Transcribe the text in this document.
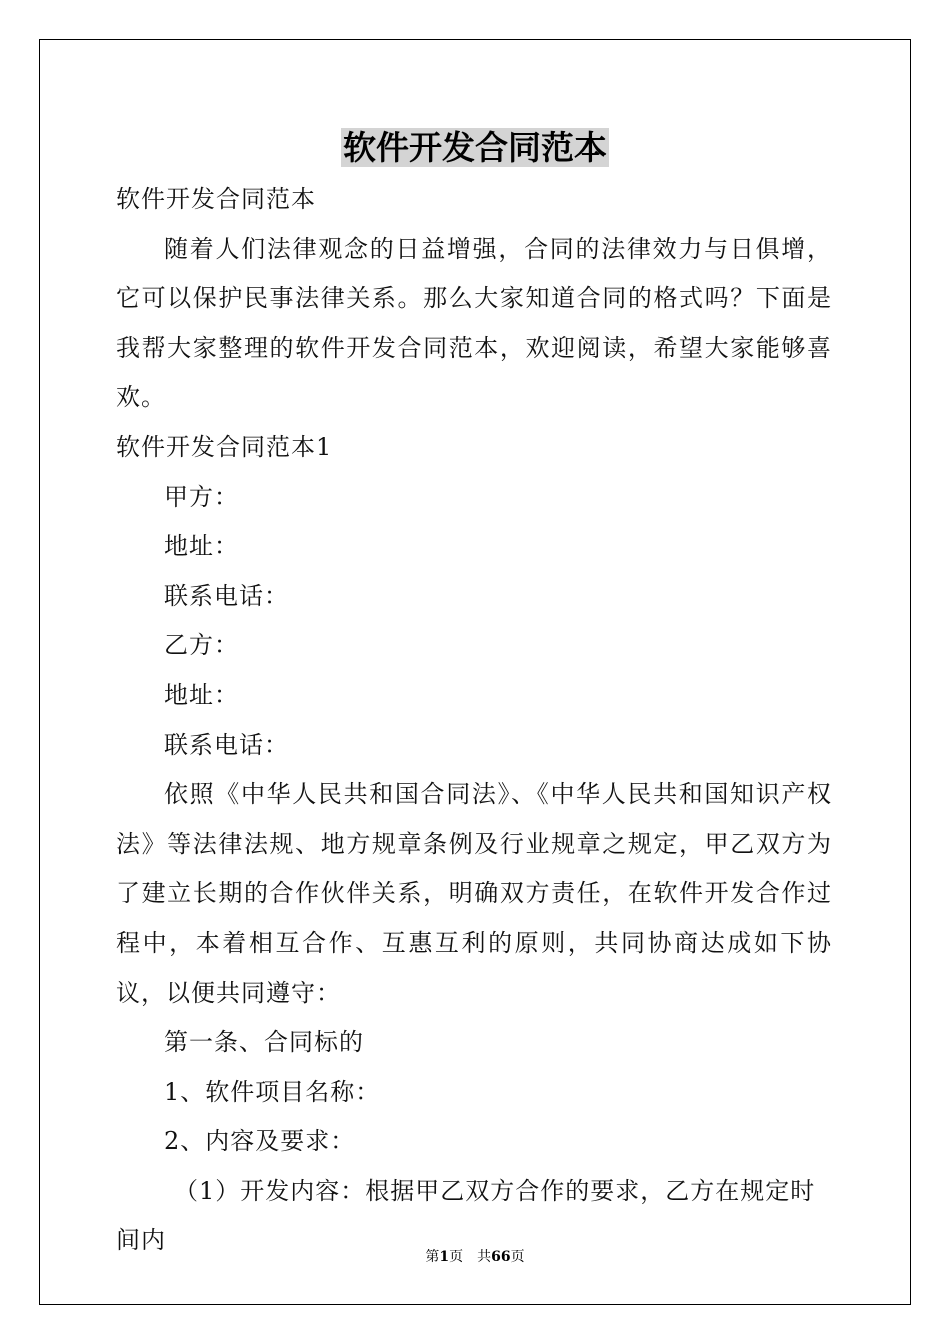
软件开发合同范本

软件开发合同范本

随着人们法律观念的日益增强，合同的法律效力与日俱增，它可以保护民事法律关系。那么大家知道合同的格式吗？下面是我帮大家整理的软件开发合同范本，欢迎阅读，希望大家能够喜欢。

软件开发合同范本1

甲方：

地址：

联系电话：

乙方：

地址：

联系电话：

依照《中华人民共和国合同法》、《中华人民共和国知识产权法》等法律法规、地方规章条例及行业规章之规定，甲乙双方为了建立长期的合作伙伴关系，明确双方责任，在软件开发合作过程中，本着相互合作、互惠互利的原则，共同协商达成如下协议，以便共同遵守：

第一条、合同标的

1、软件项目名称：

2、内容及要求：

（1）开发内容：根据甲乙双方合作的要求，乙方在规定时间内

第1页 共66页
